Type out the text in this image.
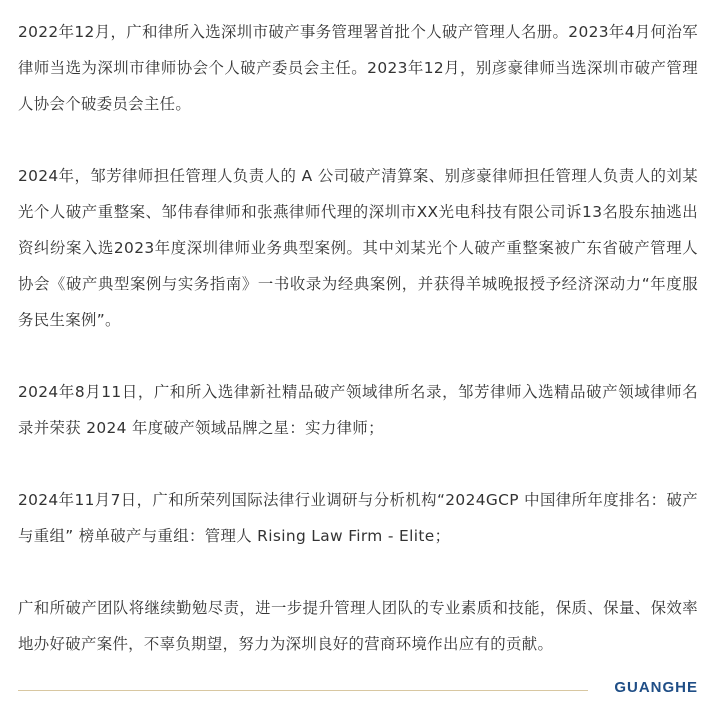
2022年12月，广和律所入选深圳市破产事务管理署首批个人破产管理人名册。2023年4月何治军律师当选为深圳市律师协会个人破产委员会主任。2023年12月，别彦豪律师当选深圳市破产管理人协会个破委员会主任。

2024年，邹芳律师担任管理人负责人的 A 公司破产清算案、别彦豪律师担任管理人负责人的刘某光个人破产重整案、邹伟春律师和张燕律师代理的深圳市XX光电科技有限公司诉13名股东抽逃出资纠纷案入选2023年度深圳律师业务典型案例。其中刘某光个人破产重整案被广东省破产管理人协会《破产典型案例与实务指南》一书收录为经典案例，并获得羊城晚报授予经济深动力“年度服务民生案例”。

2024年8月11日，广和所入选律新社精品破产领域律所名录，邹芳律师入选精品破产领域律师名录并荣获 2024 年度破产领域品牌之星：实力律师；

2024年11月7日，广和所荣列国际法律行业调研与分析机构“2024GCP 中国律所年度排名：破产与重组” 榜单破产与重组：管理人 Rising Law Firm - Elite；

广和所破产团队将继续勤勉尽责，进一步提升管理人团队的专业素质和技能，保质、保量、保效率地办好破产案件，不辜负期望，努力为深圳良好的营商环境作出应有的贡献。

GUANGHE
